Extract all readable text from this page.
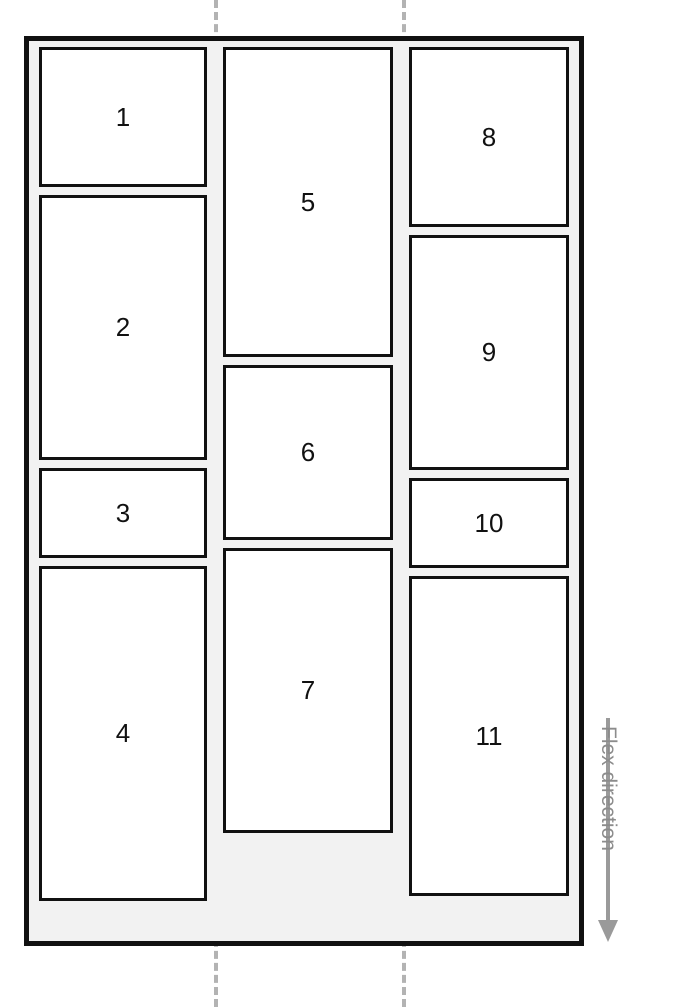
1
2
3
4
5
6
7
8
9
10
11	Flex direction
